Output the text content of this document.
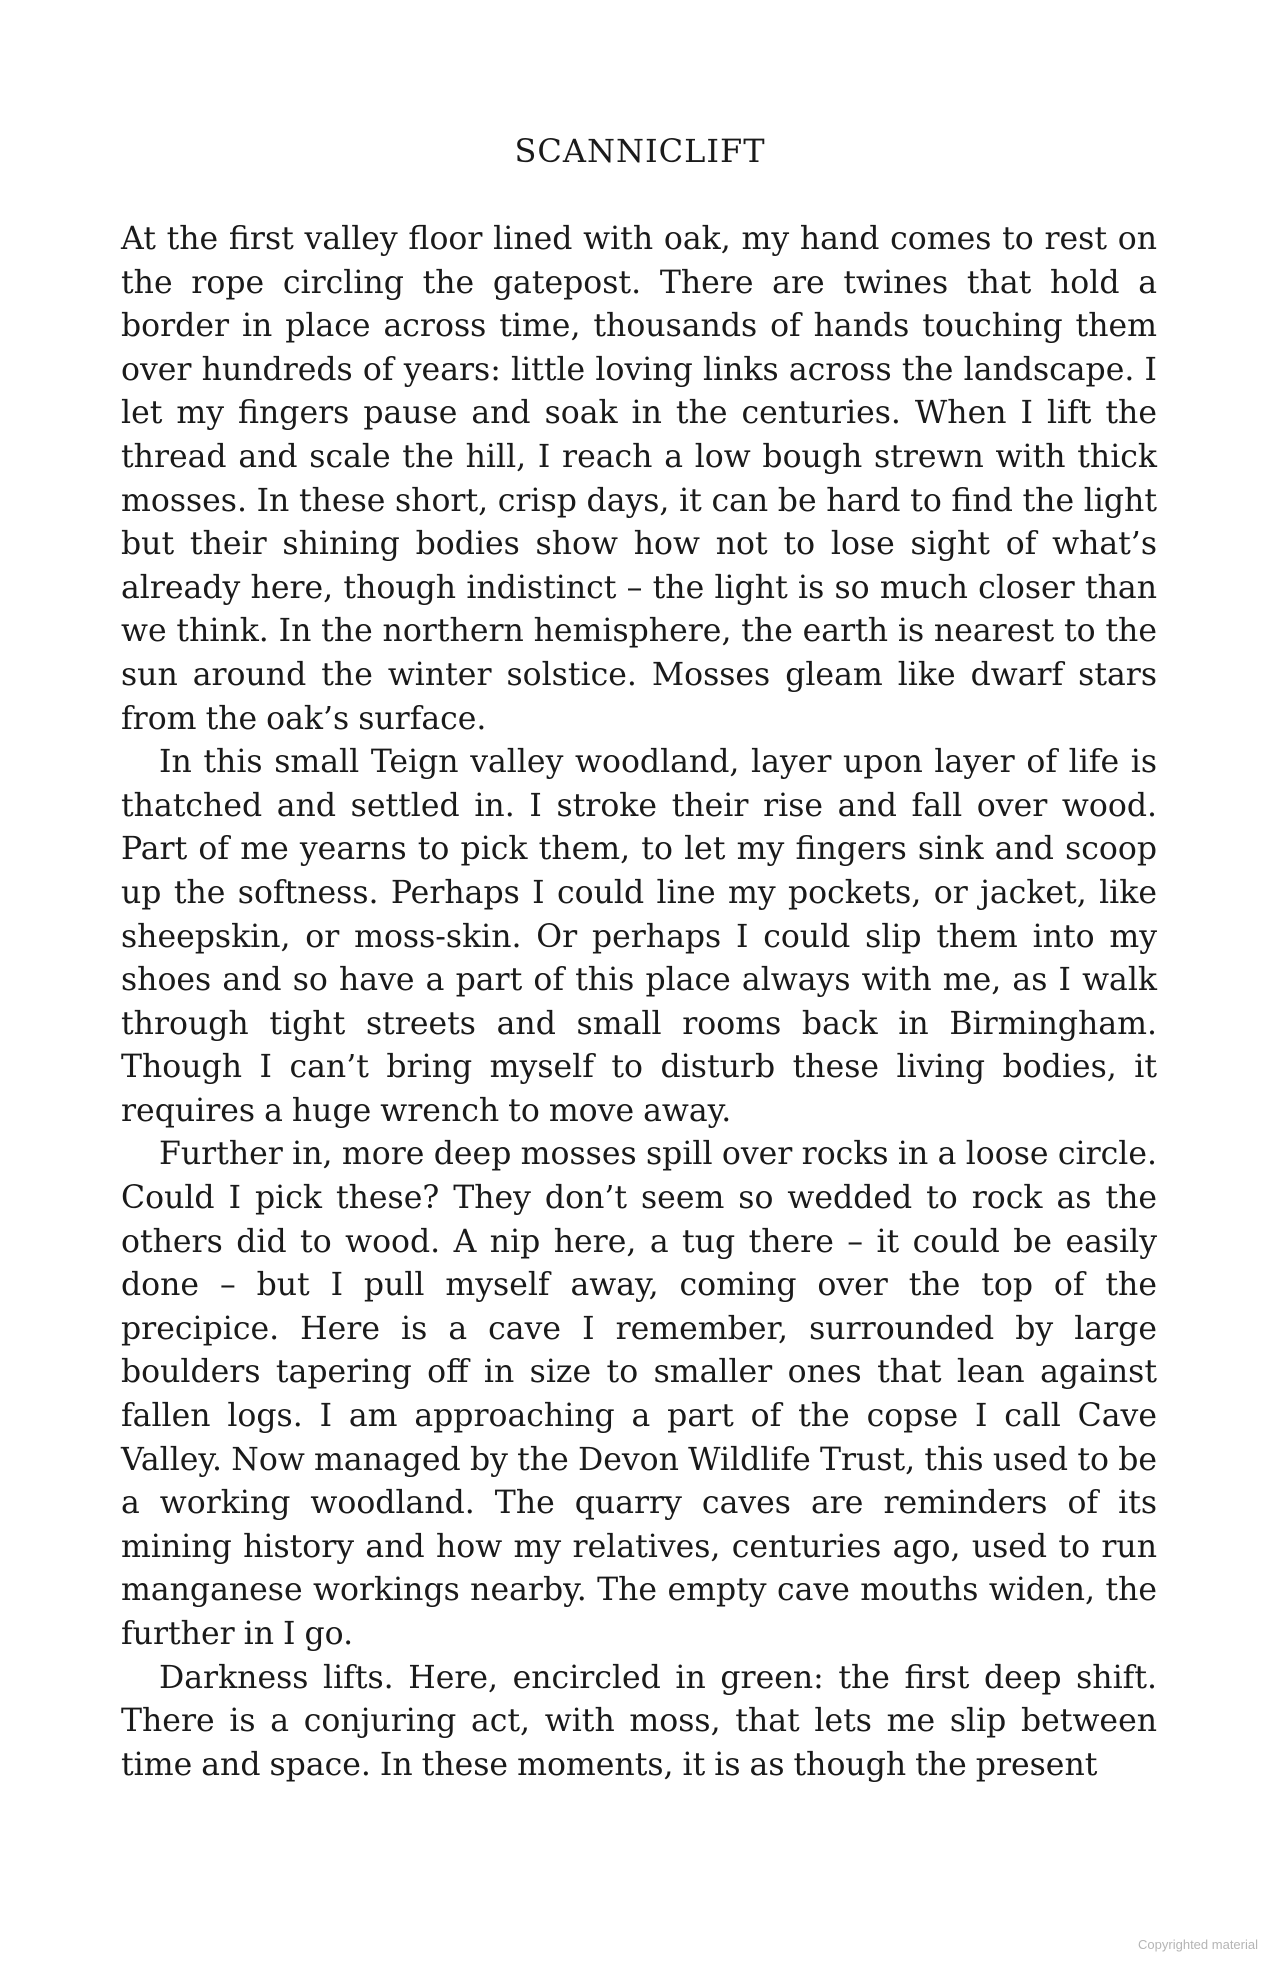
SCANNICLIFT

At the first valley floor lined with oak, my hand comes to rest on the rope circling the gatepost. There are twines that hold a border in place across time, thousands of hands touching them over hundreds of years: little loving links across the landscape. I let my fingers pause and soak in the centuries. When I lift the thread and scale the hill, I reach a low bough strewn with thick mosses. In these short, crisp days, it can be hard to find the light but their shining bodies show how not to lose sight of what’s already here, though indistinct – the light is so much closer than we think. In the northern hemisphere, the earth is nearest to the sun around the winter solstice. Mosses gleam like dwarf stars from the oak’s surface.

In this small Teign valley woodland, layer upon layer of life is thatched and settled in. I stroke their rise and fall over wood. Part of me yearns to pick them, to let my fingers sink and scoop up the softness. Perhaps I could line my pockets, or jacket, like sheepskin, or moss-skin. Or perhaps I could slip them into my shoes and so have a part of this place always with me, as I walk through tight streets and small rooms back in Birmingham. Though I can’t bring myself to disturb these living bodies, it requires a huge wrench to move away.

Further in, more deep mosses spill over rocks in a loose circle. Could I pick these? They don’t seem so wedded to rock as the others did to wood. A nip here, a tug there – it could be easily done – but I pull myself away, coming over the top of the precipice. Here is a cave I remember, surrounded by large boulders tapering off in size to smaller ones that lean against fallen logs. I am approaching a part of the copse I call Cave Valley. Now managed by the Devon Wildlife Trust, this used to be a working woodland. The quarry caves are reminders of its mining history and how my relatives, centuries ago, used to run manganese workings nearby. The empty cave mouths widen, the further in I go.

Darkness lifts. Here, encircled in green: the first deep shift. There is a conjuring act, with moss, that lets me slip between time and space. In these moments, it is as though the present

Copyrighted material
